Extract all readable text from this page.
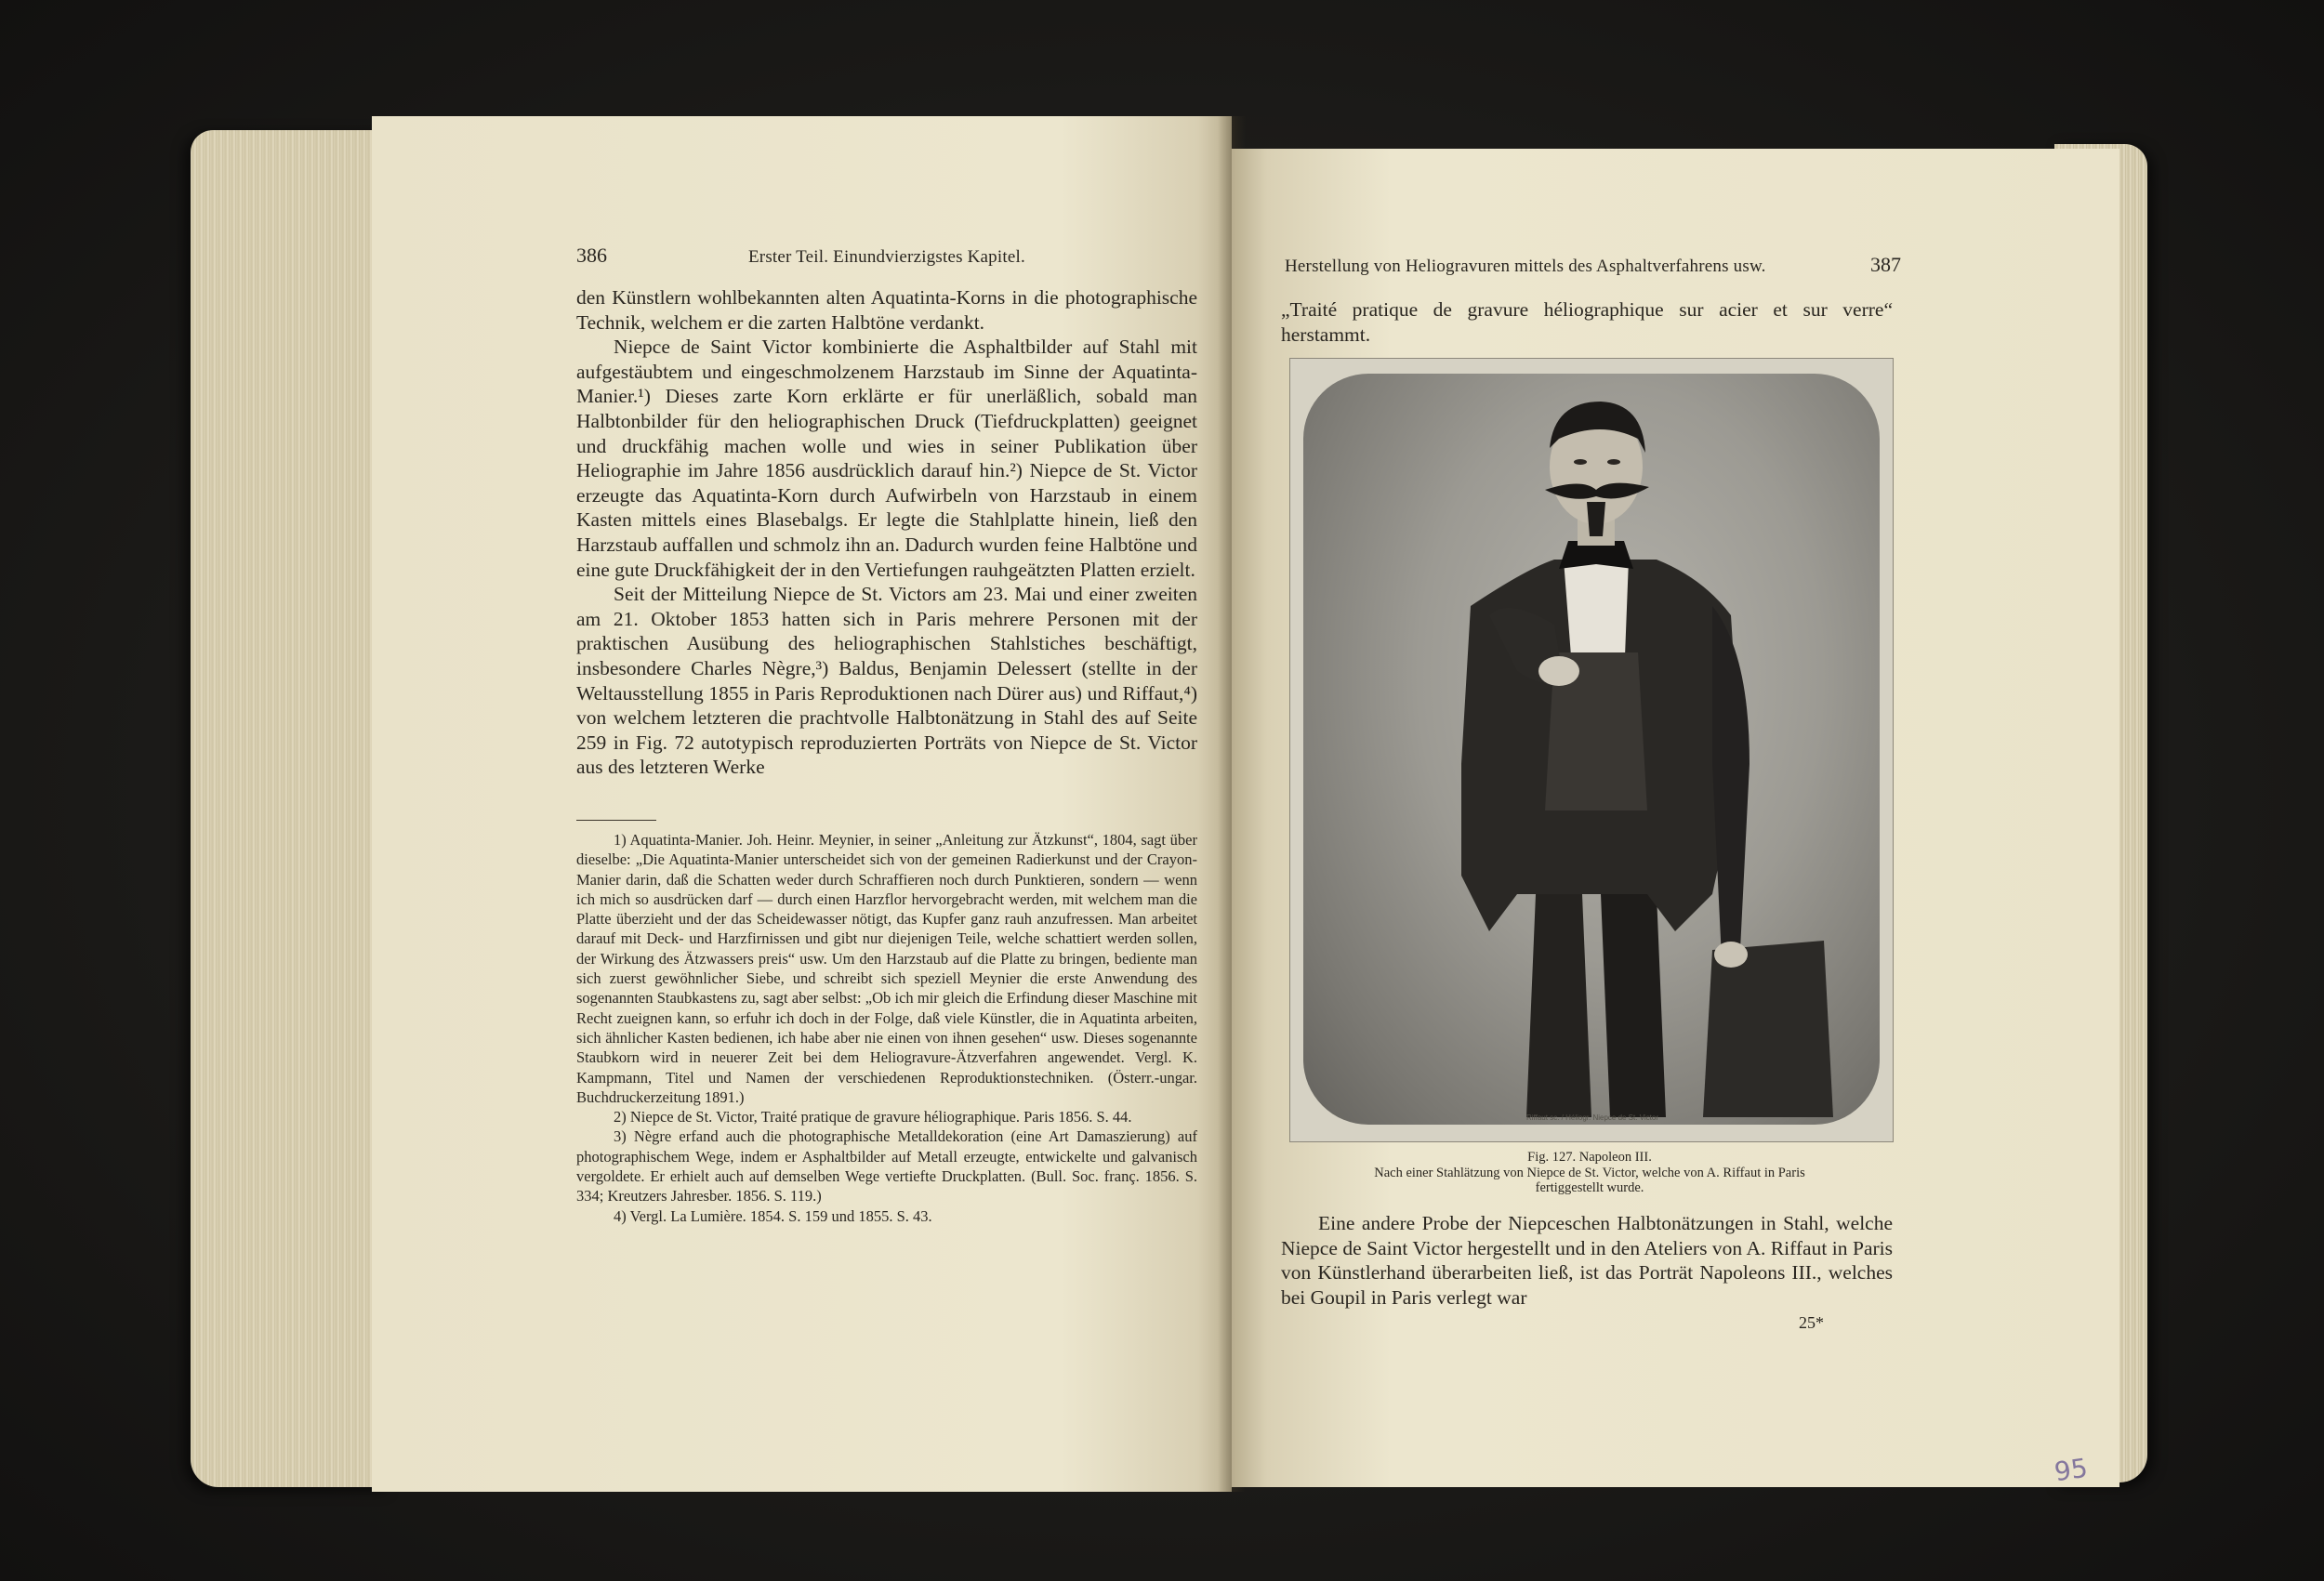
386	Erster Teil. Einundvierzigstes Kapitel.

den Künstlern wohlbekannten alten Aquatinta-Korns in die photographische Technik, welchem er die zarten Halbtöne verdankt.

Niepce de Saint Victor kombinierte die Asphaltbilder auf Stahl mit aufgestäubtem und eingeschmolzenem Harzstaub im Sinne der Aquatinta-Manier.¹) Dieses zarte Korn erklärte er für unerläßlich, sobald man Halbtonbilder für den heliographischen Druck (Tiefdruckplatten) geeignet und druckfähig machen wolle und wies in seiner Publikation über Heliographie im Jahre 1856 ausdrücklich darauf hin.²) Niepce de St. Victor erzeugte das Aquatinta-Korn durch Aufwirbeln von Harzstaub in einem Kasten mittels eines Blasebalgs. Er legte die Stahlplatte hinein, ließ den Harzstaub auffallen und schmolz ihn an. Dadurch wurden feine Halbtöne und eine gute Druckfähigkeit der in den Vertiefungen rauhgeätzten Platten erzielt.

Seit der Mitteilung Niepce de St. Victors am 23. Mai und einer zweiten am 21. Oktober 1853 hatten sich in Paris mehrere Personen mit der praktischen Ausübung des heliographischen Stahlstiches beschäftigt, insbesondere Charles Nègre,³) Baldus, Benjamin Delessert (stellte in der Weltausstellung 1855 in Paris Reproduktionen nach Dürer aus) und Riffaut,⁴) von welchem letzteren die prachtvolle Halbtonätzung in Stahl des auf Seite 259 in Fig. 72 autotypisch reproduzierten Porträts von Niepce de St. Victor aus des letzteren Werke

1) Aquatinta-Manier. Joh. Heinr. Meynier, in seiner „Anleitung zur Ätzkunst“, 1804, sagt über dieselbe: „Die Aquatinta-Manier unterscheidet sich von der gemeinen Radierkunst und der Crayon-Manier darin, daß die Schatten weder durch Schraffieren noch durch Punktieren, sondern — wenn ich mich so ausdrücken darf — durch einen Harzflor hervorgebracht werden, mit welchem man die Platte überzieht und der das Scheidewasser nötigt, das Kupfer ganz rauh anzufressen. Man arbeitet darauf mit Deck- und Harzfirnissen und gibt nur diejenigen Teile, welche schattiert werden sollen, der Wirkung des Ätzwassers preis“ usw. Um den Harzstaub auf die Platte zu bringen, bediente man sich zuerst gewöhnlicher Siebe, und schreibt sich speziell Meynier die erste Anwendung des sogenannten Staubkastens zu, sagt aber selbst: „Ob ich mir gleich die Erfindung dieser Maschine mit Recht zueignen kann, so erfuhr ich doch in der Folge, daß viele Künstler, die in Aquatinta arbeiten, sich ähnlicher Kasten bedienen, ich habe aber nie einen von ihnen gesehen“ usw. Dieses sogenannte Staubkorn wird in neuerer Zeit bei dem Heliogravure-Ätzverfahren angewendet. Vergl. K. Kampmann, Titel und Namen der verschiedenen Reproduktionstechniken. (Österr.-ungar. Buchdruckerzeitung 1891.)

2) Niepce de St. Victor, Traité pratique de gravure héliographique. Paris 1856. S. 44.

3) Nègre erfand auch die photographische Metalldekoration (eine Art Damaszierung) auf photographischem Wege, indem er Asphaltbilder auf Metall erzeugte, entwickelte und galvanisch vergoldete. Er erhielt auch auf demselben Wege vertiefte Druckplatten. (Bull. Soc. franç. 1856. S. 334; Kreutzers Jahresber. 1856. S. 119.)

4) Vergl. La Lumière. 1854. S. 159 und 1855. S. 43.

Herstellung von Heliogravuren mittels des Asphaltverfahrens usw.	387

„Traité pratique de gravure héliographique sur acier et sur verre“ herstammt.

Riffaut sc. / Héliogr. Niepce de St. Victor
Fig. 127. Napoleon III.
Nach einer Stahlätzung von Niepce de St. Victor, welche von A. Riffaut in Paris
fertiggestellt wurde.

Eine andere Probe der Niepceschen Halbtonätzungen in Stahl, welche Niepce de Saint Victor hergestellt und in den Ateliers von A. Riffaut in Paris von Künstlerhand überarbeiten ließ, ist das Porträt Napoleons III., welches bei Goupil in Paris verlegt war

25*
95
